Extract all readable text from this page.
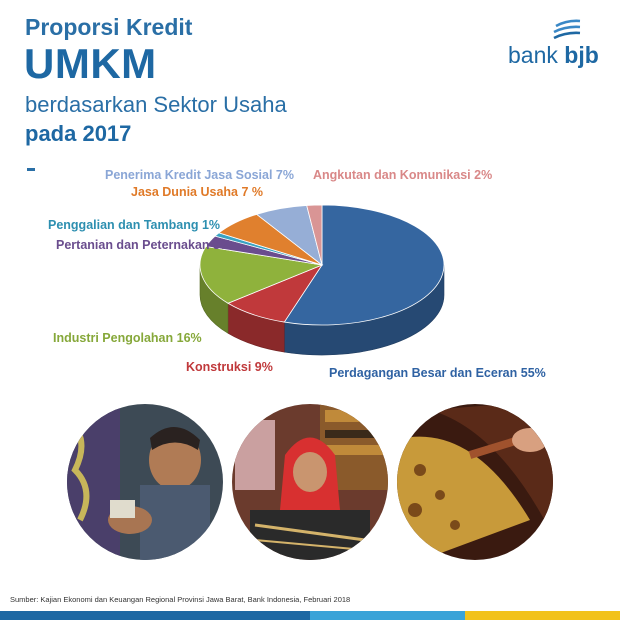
Proporsi Kredit
UMKM
berdasarkan Sektor Usaha
pada 2017
bank bjb
Perdagangan Besar dan Eceran 55%
Konstruksi 9%
Industri Pengolahan 16%
Pertanian dan Peternakan 3%
Penggalian dan Tambang 1%
Jasa Dunia Usaha 7 %
Penerima Kredit Jasa Sosial 7% Angkutan dan Komunikasi 2%
Sumber: Kajian Ekonomi dan Keuangan Regional Provinsi Jawa Barat, Bank Indonesia, Februari 2018
